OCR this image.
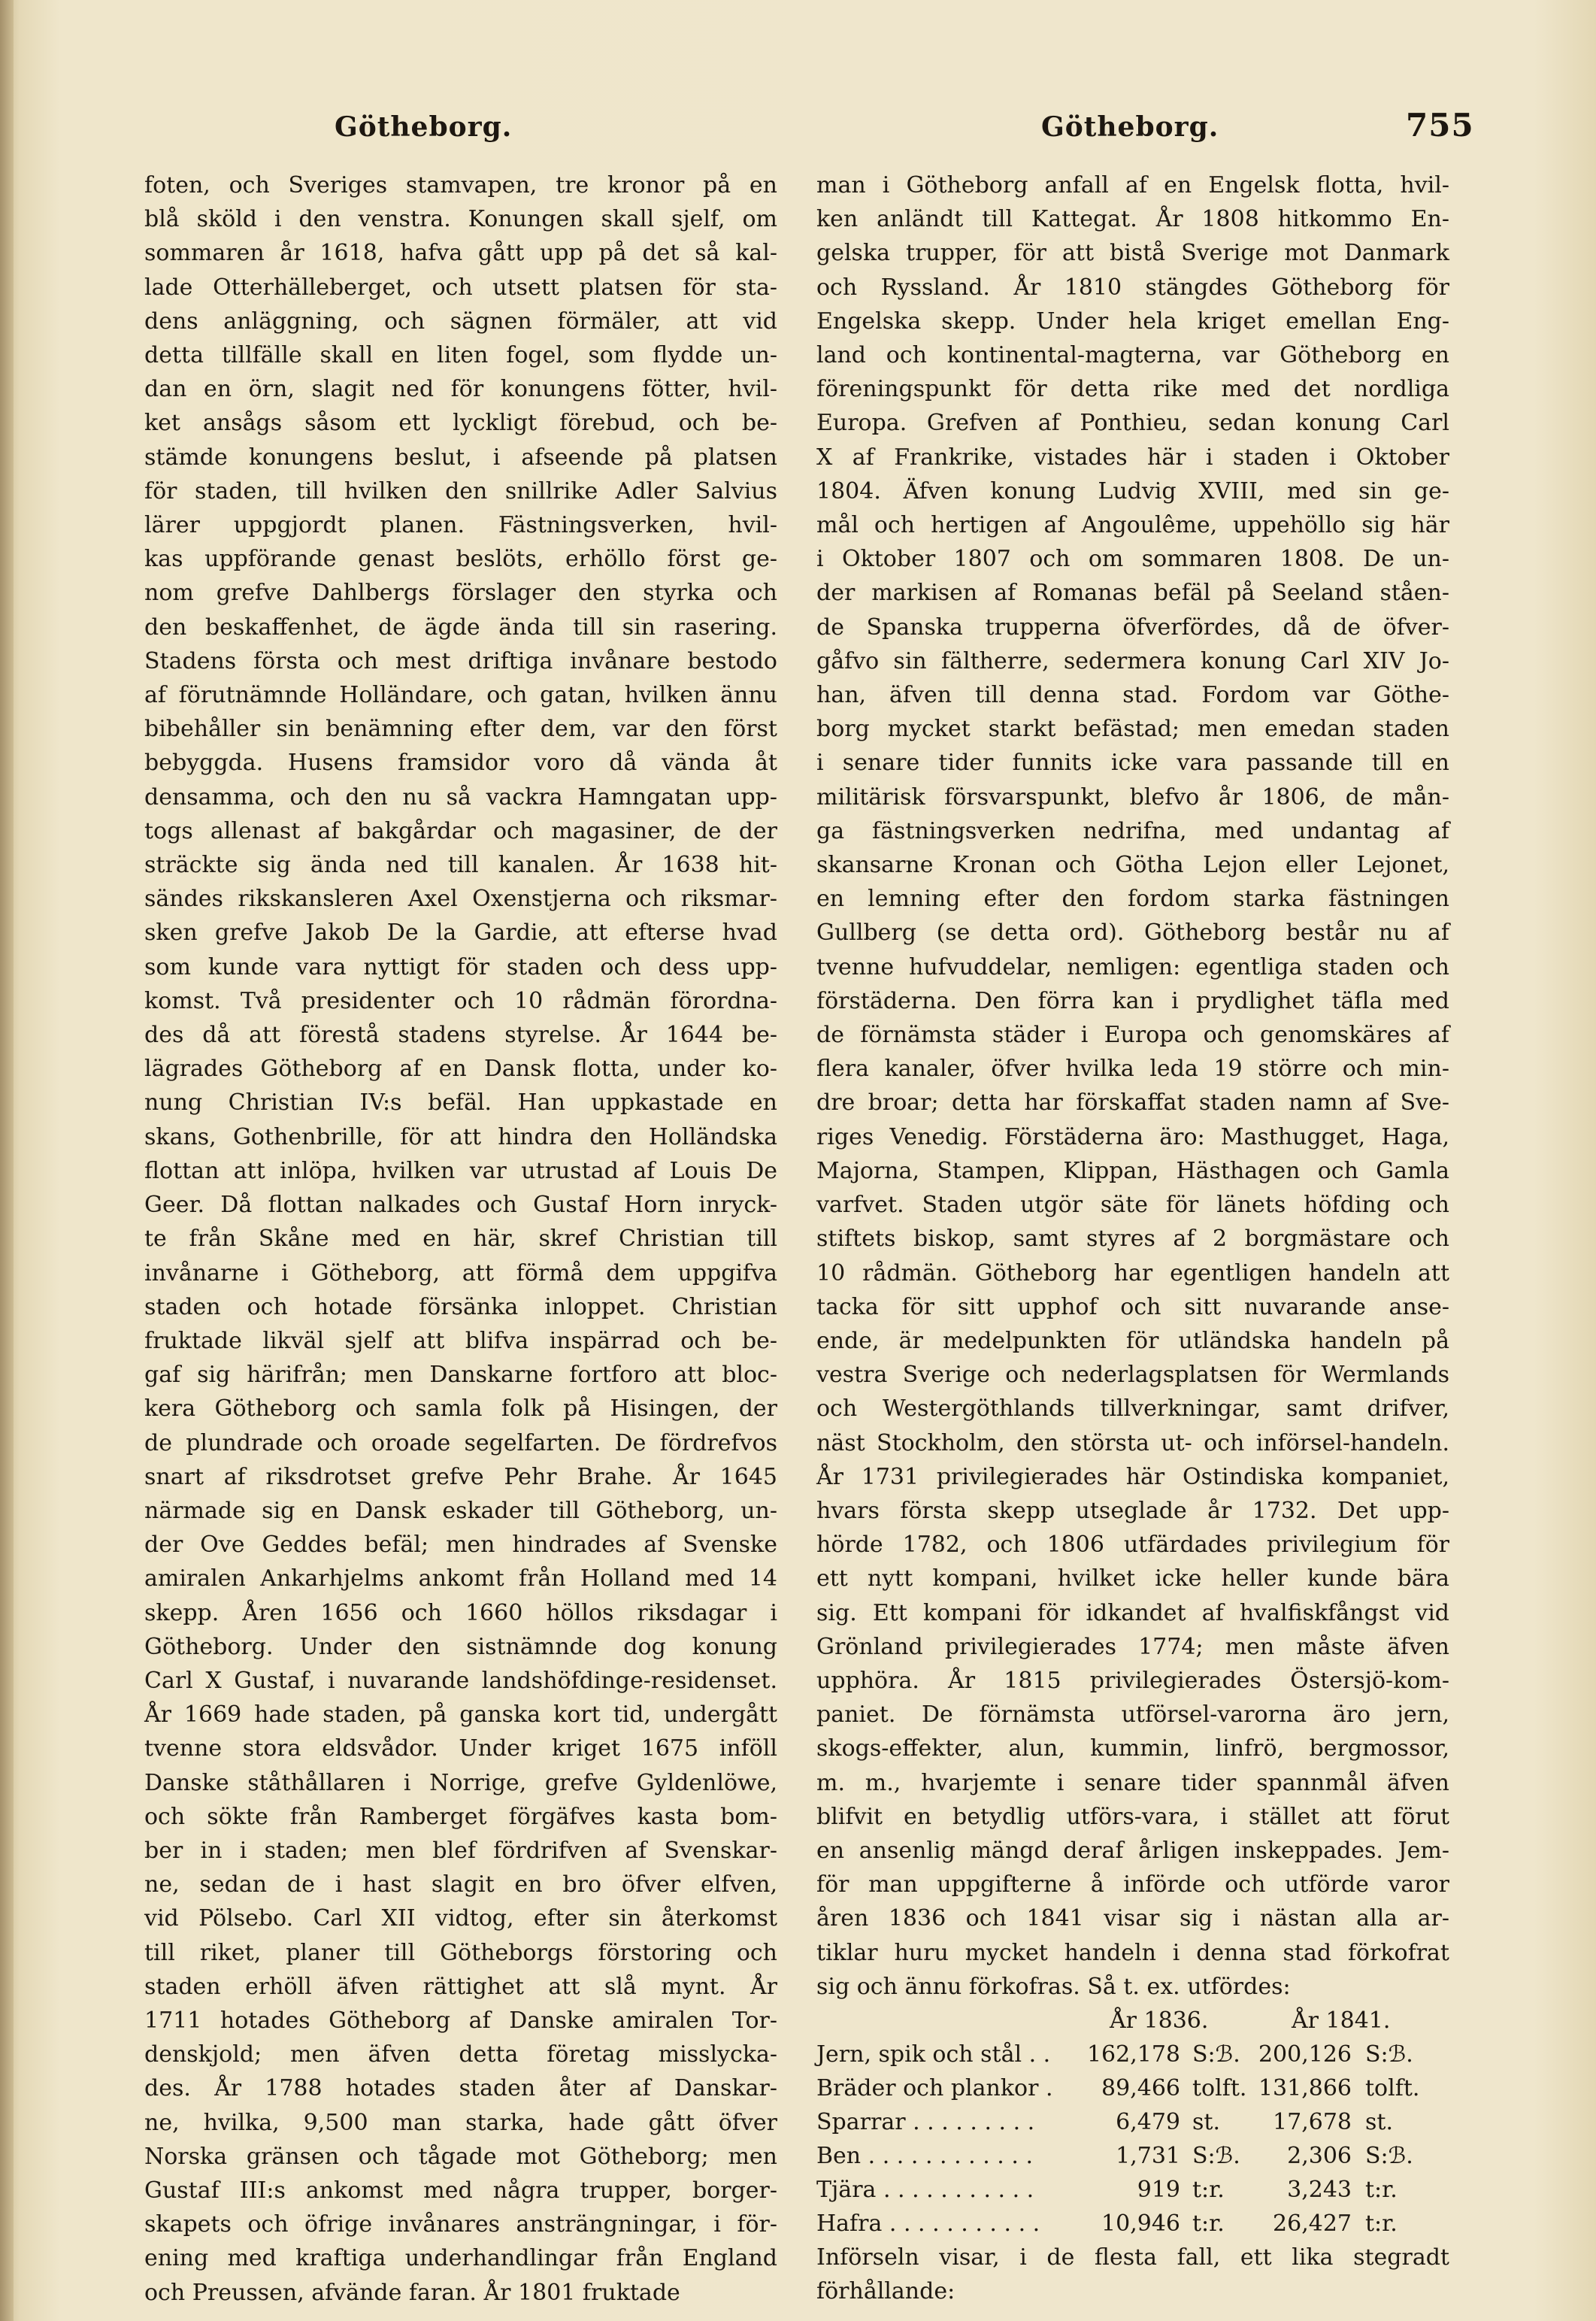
Götheborg.	Götheborg.	755

foten, och Sveriges stamvapen, tre kronor på en

blå sköld i den venstra. Konungen skall sjelf, om

sommaren år 1618, hafva gått upp på det så kal-

lade Otterhälleberget, och utsett platsen för sta-

dens anläggning, och sägnen förmäler, att vid

detta tillfälle skall en liten fogel, som flydde un-

dan en örn, slagit ned för konungens fötter, hvil-

ket ansågs såsom ett lyckligt förebud, och be-

stämde konungens beslut, i afseende på platsen

för staden, till hvilken den snillrike Adler Salvius

lärer uppgjordt planen. Fästningsverken, hvil-

kas uppförande genast beslöts, erhöllo först ge-

nom grefve Dahlbergs förslager den styrka och

den beskaffenhet, de ägde ända till sin rasering.

Stadens första och mest driftiga invånare bestodo

af förutnämnde Holländare, och gatan, hvilken ännu

bibehåller sin benämning efter dem, var den först

bebyggda. Husens framsidor voro då vända åt

densamma, och den nu så vackra Hamngatan upp-

togs allenast af bakgårdar och magasiner, de der

sträckte sig ända ned till kanalen. År 1638 hit-

sändes rikskansleren Axel Oxenstjerna och riksmar-

sken grefve Jakob De la Gardie, att efterse hvad

som kunde vara nyttigt för staden och dess upp-

komst. Två presidenter och 10 rådmän förordna-

des då att förestå stadens styrelse. År 1644 be-

lägrades Götheborg af en Dansk flotta, under ko-

nung Christian IV:s befäl. Han uppkastade en

skans, Gothenbrille, för att hindra den Holländska

flottan att inlöpa, hvilken var utrustad af Louis De

Geer. Då flottan nalkades och Gustaf Horn inryck-

te från Skåne med en här, skref Christian till

invånarne i Götheborg, att förmå dem uppgifva

staden och hotade försänka inloppet. Christian

fruktade likväl sjelf att blifva inspärrad och be-

gaf sig härifrån; men Danskarne fortforo att bloc-

kera Götheborg och samla folk på Hisingen, der

de plundrade och oroade segelfarten. De fördrefvos

snart af riksdrotset grefve Pehr Brahe. År 1645

närmade sig en Dansk eskader till Götheborg, un-

der Ove Geddes befäl; men hindrades af Svenske

amiralen Ankarhjelms ankomt från Holland med 14

skepp. Åren 1656 och 1660 höllos riksdagar i

Götheborg. Under den sistnämnde dog konung

Carl X Gustaf, i nuvarande landshöfdinge-residenset.

År 1669 hade staden, på ganska kort tid, undergått

tvenne stora eldsvådor. Under kriget 1675 inföll

Danske ståthållaren i Norrige, grefve Gyldenlöwe,

och sökte från Ramberget förgäfves kasta bom-

ber in i staden; men blef fördrifven af Svenskar-

ne, sedan de i hast slagit en bro öfver elfven,

vid Pölsebo. Carl XII vidtog, efter sin återkomst

till riket, planer till Götheborgs förstoring och

staden erhöll äfven rättighet att slå mynt. År

1711 hotades Götheborg af Danske amiralen Tor-

denskjold; men äfven detta företag misslycka-

des. År 1788 hotades staden åter af Danskar-

ne, hvilka, 9,500 man starka, hade gått öfver

Norska gränsen och tågade mot Götheborg; men

Gustaf III:s ankomst med några trupper, borger-

skapets och öfrige invånares ansträngningar, i för-

ening med kraftiga underhandlingar från England

och Preussen, afvände faran. År 1801 fruktade

man i Götheborg anfall af en Engelsk flotta, hvil-

ken anländt till Kattegat. År 1808 hitkommo En-

gelska trupper, för att bistå Sverige mot Danmark

och Ryssland. År 1810 stängdes Götheborg för

Engelska skepp. Under hela kriget emellan Eng-

land och kontinental-magterna, var Götheborg en

föreningspunkt för detta rike med det nordliga

Europa. Grefven af Ponthieu, sedan konung Carl

X af Frankrike, vistades här i staden i Oktober

1804. Äfven konung Ludvig XVIII, med sin ge-

mål och hertigen af Angoulême, uppehöllo sig här

i Oktober 1807 och om sommaren 1808. De un-

der markisen af Romanas befäl på Seeland ståen-

de Spanska trupperna öfverfördes, då de öfver-

gåfvo sin fältherre, sedermera konung Carl XIV Jo-

han, äfven till denna stad. Fordom var Göthe-

borg mycket starkt befästad; men emedan staden

i senare tider funnits icke vara passande till en

militärisk försvarspunkt, blefvo år 1806, de mån-

ga fästningsverken nedrifna, med undantag af

skansarne Kronan och Götha Lejon eller Lejonet,

en lemning efter den fordom starka fästningen

Gullberg (se detta ord). Götheborg består nu af

tvenne hufvuddelar, nemligen: egentliga staden och

förstäderna. Den förra kan i prydlighet täfla med

de förnämsta städer i Europa och genomskäres af

flera kanaler, öfver hvilka leda 19 större och min-

dre broar; detta har förskaffat staden namn af Sve-

riges Venedig. Förstäderna äro: Masthugget, Haga,

Majorna, Stampen, Klippan, Hästhagen och Gamla

varfvet. Staden utgör säte för länets höfding och

stiftets biskop, samt styres af 2 borgmästare och

10 rådmän. Götheborg har egentligen handeln att

tacka för sitt upphof och sitt nuvarande anse-

ende, är medelpunkten för utländska handeln på

vestra Sverige och nederlagsplatsen för Wermlands

och Westergöthlands tillverkningar, samt drifver,

näst Stockholm, den största ut- och införsel-handeln.

År 1731 privilegierades här Ostindiska kompaniet,

hvars första skepp utseglade år 1732. Det upp-

hörde 1782, och 1806 utfärdades privilegium för

ett nytt kompani, hvilket icke heller kunde bära

sig. Ett kompani för idkandet af hvalfiskfångst vid

Grönland privilegierades 1774; men måste äfven

upphöra. År 1815 privilegierades Östersjö-kom-

paniet. De förnämsta utförsel-varorna äro jern,

skogs-effekter, alun, kummin, linfrö, bergmossor,

m. m., hvarjemte i senare tider spannmål äfven

blifvit en betydlig utförs-vara, i stället att förut

en ansenlig mängd deraf årligen inskeppades. Jem-

för man uppgifterne å införde och utförde varor

åren 1836 och 1841 visar sig i nästan alla ar-

tiklar huru mycket handeln i denna stad förkofrat

sig och ännu förkofras. Så t. ex. utfördes:

År 1836.	År 1841.
Jern, spik och stål . . 162,178 S:ℬ. 200,126 S:ℬ.
Bräder och plankor . 89,466 tolft. 131,866 tolft.
Sparrar . . . . . . . . .	6,479 st. 17,678 st.
Ben . . . . . . . . . . . .	1,731 S:ℬ. 2,306 S:ℬ.
Tjära . . . . . . . . . . .	919 t:r.	3,243 t:r.
Hafra . . . . . . . . . . .	10,946 t:r. 26,427 t:r.

Införseln visar, i de flesta fall, ett lika stegradt

förhållande:
